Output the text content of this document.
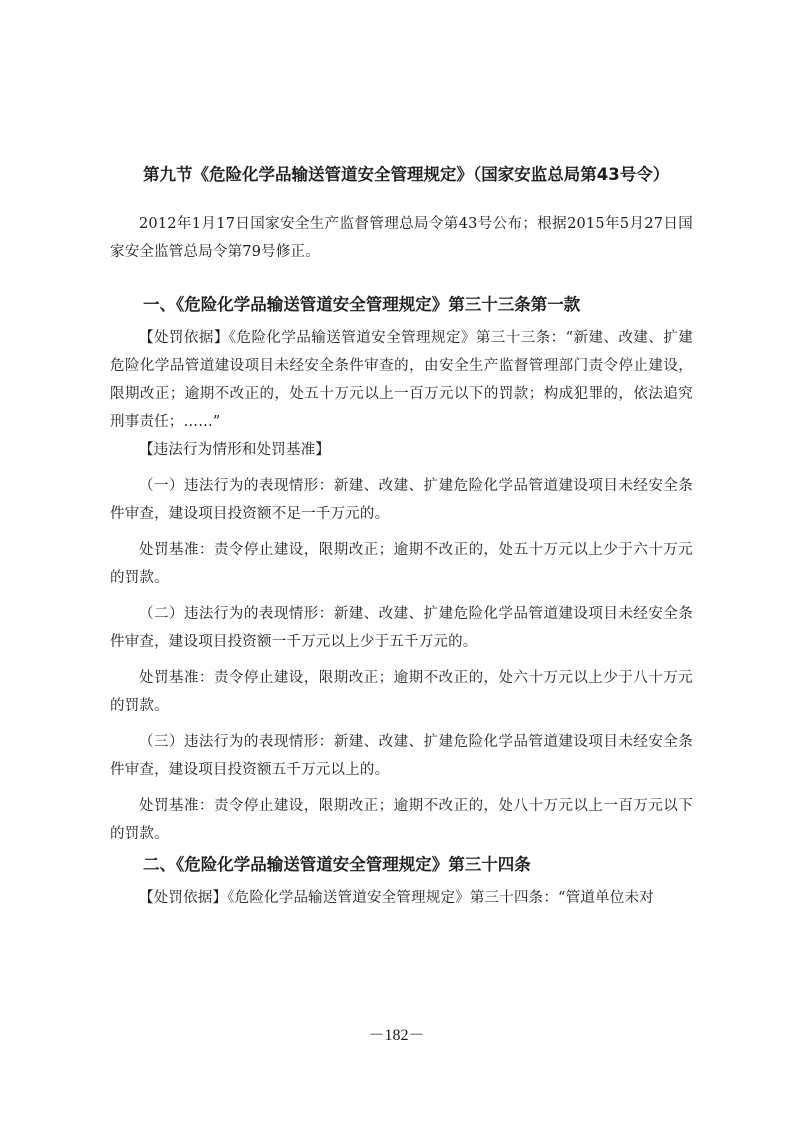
第九节《危险化学品输送管道安全管理规定》（国家安监总局第43号令）

2012年1月17日国家安全生产监督管理总局令第43号公布；根据2015年5月27日国家安全监管总局令第79号修正。

一、《危险化学品输送管道安全管理规定》第三十三条第一款

【处罚依据】《危险化学品输送管道安全管理规定》第三十三条：“新建、改建、扩建危险化学品管道建设项目未经安全条件审查的，由安全生产监督管理部门责令停止建设，限期改正；逾期不改正的，处五十万元以上一百万元以下的罚款；构成犯罪的，依法追究刑事责任；……”

【违法行为情形和处罚基准】

（一）违法行为的表现情形：新建、改建、扩建危险化学品管道建设项目未经安全条件审查，建设项目投资额不足一千万元的。

处罚基准：责令停止建设，限期改正；逾期不改正的，处五十万元以上少于六十万元的罚款。

（二）违法行为的表现情形：新建、改建、扩建危险化学品管道建设项目未经安全条件审查，建设项目投资额一千万元以上少于五千万元的。

处罚基准：责令停止建设，限期改正；逾期不改正的，处六十万元以上少于八十万元的罚款。

（三）违法行为的表现情形：新建、改建、扩建危险化学品管道建设项目未经安全条件审查，建设项目投资额五千万元以上的。

处罚基准：责令停止建设，限期改正；逾期不改正的，处八十万元以上一百万元以下的罚款。

二、《危险化学品输送管道安全管理规定》第三十四条

【处罚依据】《危险化学品输送管道安全管理规定》第三十四条：“管道单位未对

－182－
